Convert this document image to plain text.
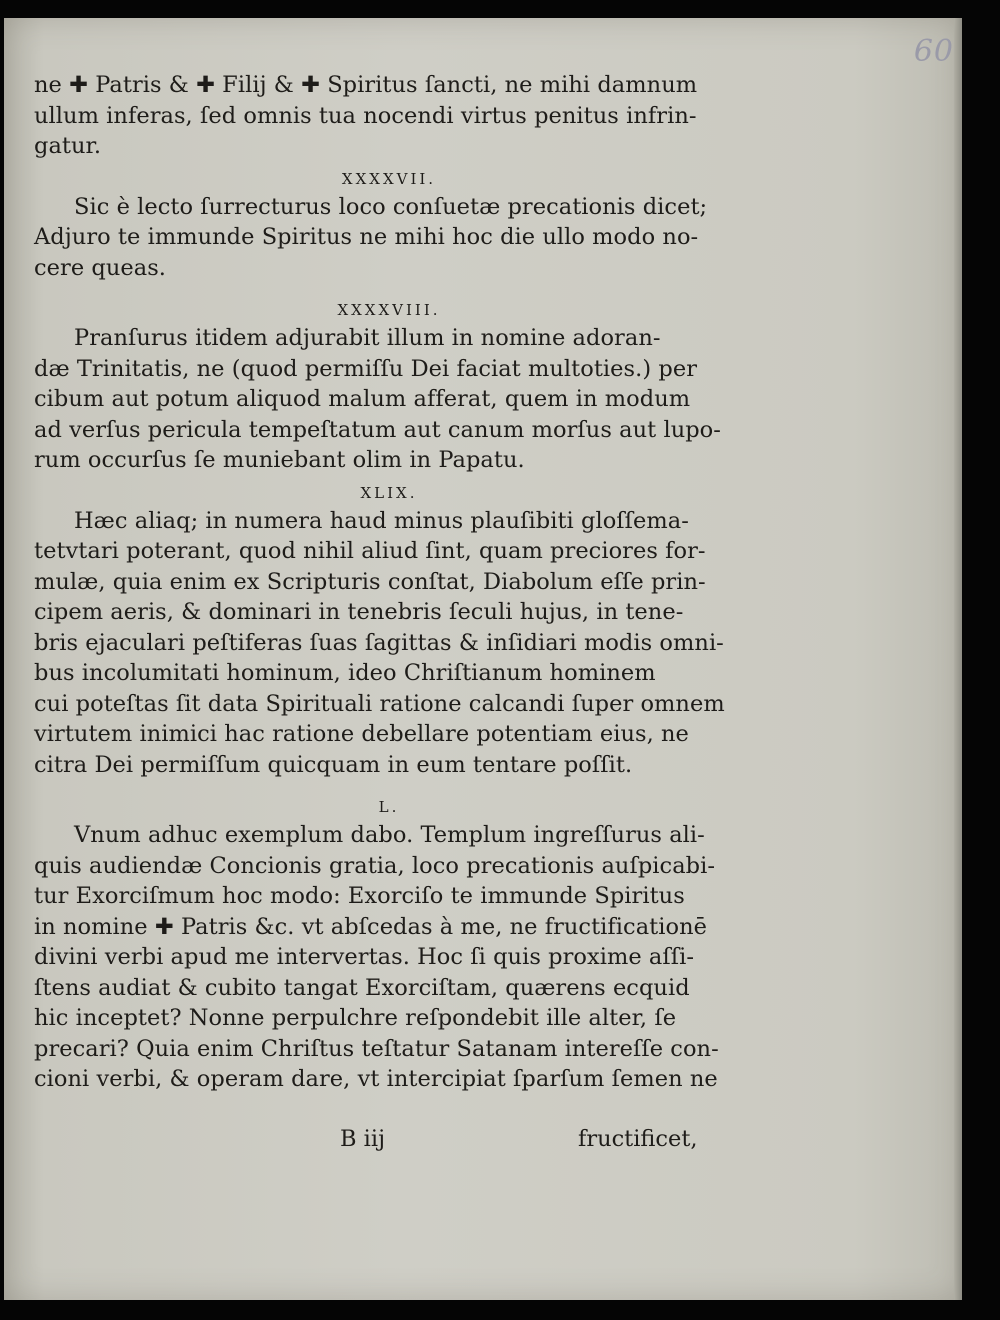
60
ne ✚ Patris & ✚ Filij & ✚ Spiritus ſancti, ne mihi damnum
ullum inferas, ſed omnis tua nocendi virtus penitus infrin-
gatur.
XXXXVII.
Sic è lecto ſurrecturus loco conſuetæ precationis dicet;
Adjuro te immunde Spiritus ne mihi hoc die ullo modo no-
cere queas.
XXXXVIII.
Pranſurus itidem adjurabit illum in nomine adoran-
dæ Trinitatis, ne (quod permiſſu Dei faciat multoties.) per
cibum aut potum aliquod malum afferat, quem in modum
ad verſus pericula tempeſtatum aut canum morſus aut lupo-
rum occurſus ſe muniebant olim in Papatu.
XLIX.
Hæc aliaq; in numera haud minus plauſibiti gloſſema-
tetvtari poterant, quod nihil aliud ſint, quam preciores for-
mulæ, quia enim ex Scripturis conſtat, Diabolum eſſe prin-
cipem aeris, & dominari in tenebris ſeculi hujus, in tene-
bris ejaculari peſtiferas ſuas ſagittas & inſidiari modis omni-
bus incolumitati hominum, ideo Chriſtianum hominem
cui poteſtas ſit data Spirituali ratione calcandi ſuper omnem
virtutem inimici hac ratione debellare potentiam eius, ne
citra Dei permiſſum quicquam in eum tentare poſſit.
L.
Vnum adhuc exemplum dabo. Templum ingreſſurus ali-
quis audiendæ Concionis gratia, loco precationis auſpicabi-
tur Exorciſmum hoc modo: Exorciſo te immunde Spiritus
in nomine ✚ Patris &c. vt abſcedas à me, ne fructificationē
divini verbi apud me intervertas. Hoc ſi quis proxime aſſi-
ſtens audiat & cubito tangat Exorciſtam, quærens ecquid
hic inceptet? Nonne perpulchre reſpondebit ille alter, ſe
precari? Quia enim Chriſtus teſtatur Satanam intereſſe con-
cioni verbi, & operam dare, vt intercipiat ſparſum ſemen ne
B iij	fructificet,
